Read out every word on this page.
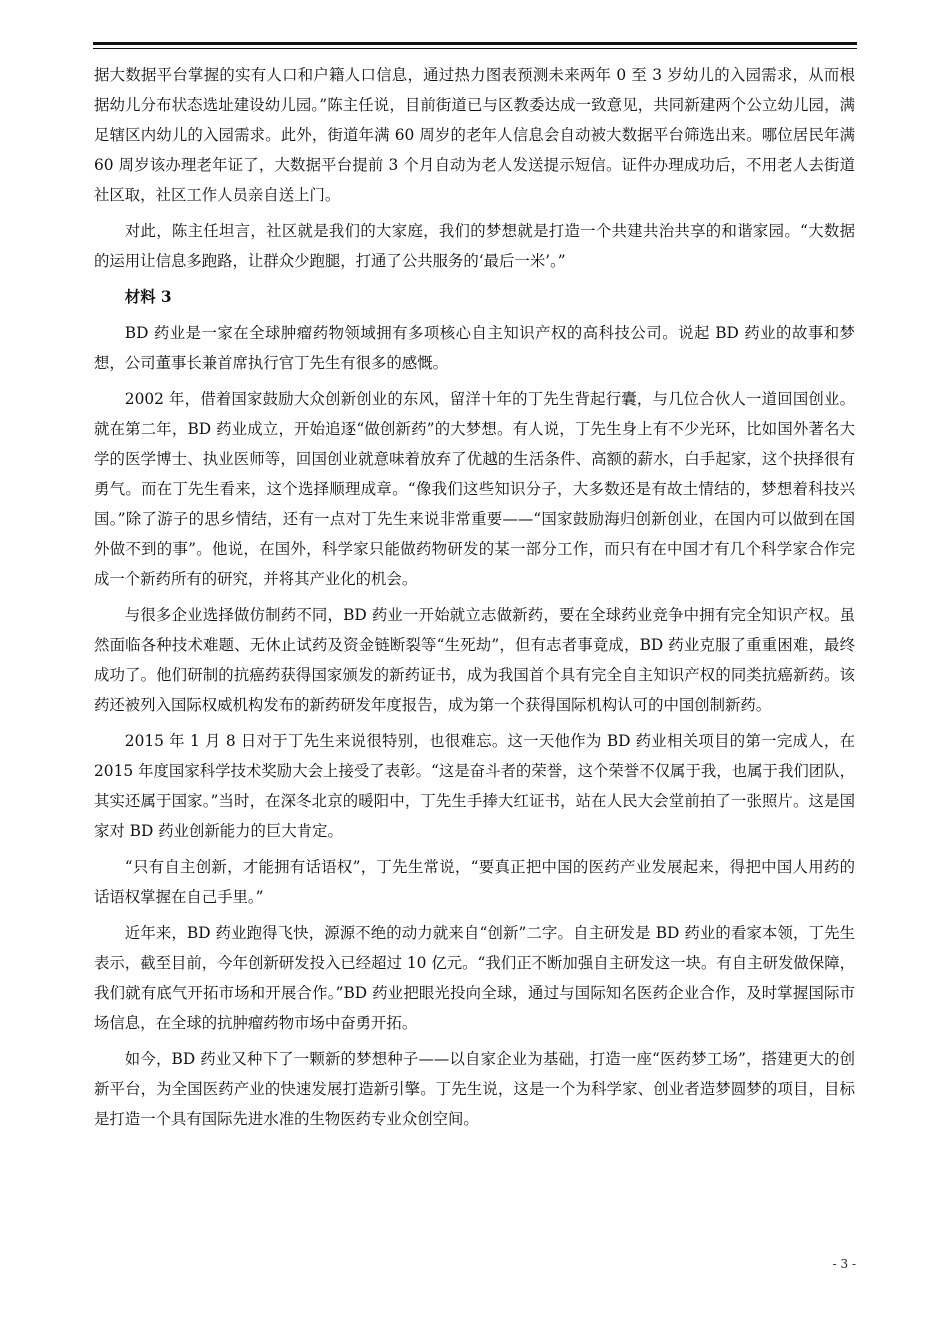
据大数据平台掌握的实有人口和户籍人口信息，通过热力图表预测未来两年 0 至 3 岁幼儿的入园需求，从而根据幼儿分布状态选址建设幼儿园。”陈主任说，目前街道已与区教委达成一致意见，共同新建两个公立幼儿园，满足辖区内幼儿的入园需求。此外，街道年满 60 周岁的老年人信息会自动被大数据平台筛选出来。哪位居民年满 60 周岁该办理老年证了，大数据平台提前 3 个月自动为老人发送提示短信。证件办理成功后，不用老人去街道社区取，社区工作人员亲自送上门。

对此，陈主任坦言，社区就是我们的大家庭，我们的梦想就是打造一个共建共治共享的和谐家园。“大数据的运用让信息多跑路，让群众少跑腿，打通了公共服务的‘最后一米’。”

材料 3

BD 药业是一家在全球肿瘤药物领域拥有多项核心自主知识产权的高科技公司。说起 BD 药业的故事和梦想，公司董事长兼首席执行官丁先生有很多的感慨。

2002 年，借着国家鼓励大众创新创业的东风，留洋十年的丁先生背起行囊，与几位合伙人一道回国创业。就在第二年，BD 药业成立，开始追逐“做创新药”的大梦想。有人说，丁先生身上有不少光环，比如国外著名大学的医学博士、执业医师等，回国创业就意味着放弃了优越的生活条件、高额的薪水，白手起家，这个抉择很有勇气。而在丁先生看来，这个选择顺理成章。“像我们这些知识分子，大多数还是有故土情结的，梦想着科技兴国。”除了游子的思乡情结，还有一点对丁先生来说非常重要——“国家鼓励海归创新创业，在国内可以做到在国外做不到的事”。他说，在国外，科学家只能做药物研发的某一部分工作，而只有在中国才有几个科学家合作完成一个新药所有的研究，并将其产业化的机会。

与很多企业选择做仿制药不同，BD 药业一开始就立志做新药，要在全球药业竞争中拥有完全知识产权。虽然面临各种技术难题、无休止试药及资金链断裂等“生死劫”，但有志者事竟成，BD 药业克服了重重困难，最终成功了。他们研制的抗癌药获得国家颁发的新药证书，成为我国首个具有完全自主知识产权的同类抗癌新药。该药还被列入国际权威机构发布的新药研发年度报告，成为第一个获得国际机构认可的中国创制新药。

2015 年 1 月 8 日对于丁先生来说很特别，也很难忘。这一天他作为 BD 药业相关项目的第一完成人，在 2015 年度国家科学技术奖励大会上接受了表彰。“这是奋斗者的荣誉，这个荣誉不仅属于我，也属于我们团队，其实还属于国家。”当时，在深冬北京的暖阳中，丁先生手捧大红证书，站在人民大会堂前拍了一张照片。这是国家对 BD 药业创新能力的巨大肯定。

“只有自主创新，才能拥有话语权”，丁先生常说，“要真正把中国的医药产业发展起来，得把中国人用药的话语权掌握在自己手里。”

近年来，BD 药业跑得飞快，源源不绝的动力就来自“创新”二字。自主研发是 BD 药业的看家本领，丁先生表示，截至目前，今年创新研发投入已经超过 10 亿元。“我们正不断加强自主研发这一块。有自主研发做保障，我们就有底气开拓市场和开展合作。”BD 药业把眼光投向全球，通过与国际知名医药企业合作，及时掌握国际市场信息，在全球的抗肿瘤药物市场中奋勇开拓。

如今，BD 药业又种下了一颗新的梦想种子——以自家企业为基础，打造一座“医药梦工场”，搭建更大的创新平台，为全国医药产业的快速发展打造新引擎。丁先生说，这是一个为科学家、创业者造梦圆梦的项目，目标是打造一个具有国际先进水准的生物医药专业众创空间。

- 3 -
